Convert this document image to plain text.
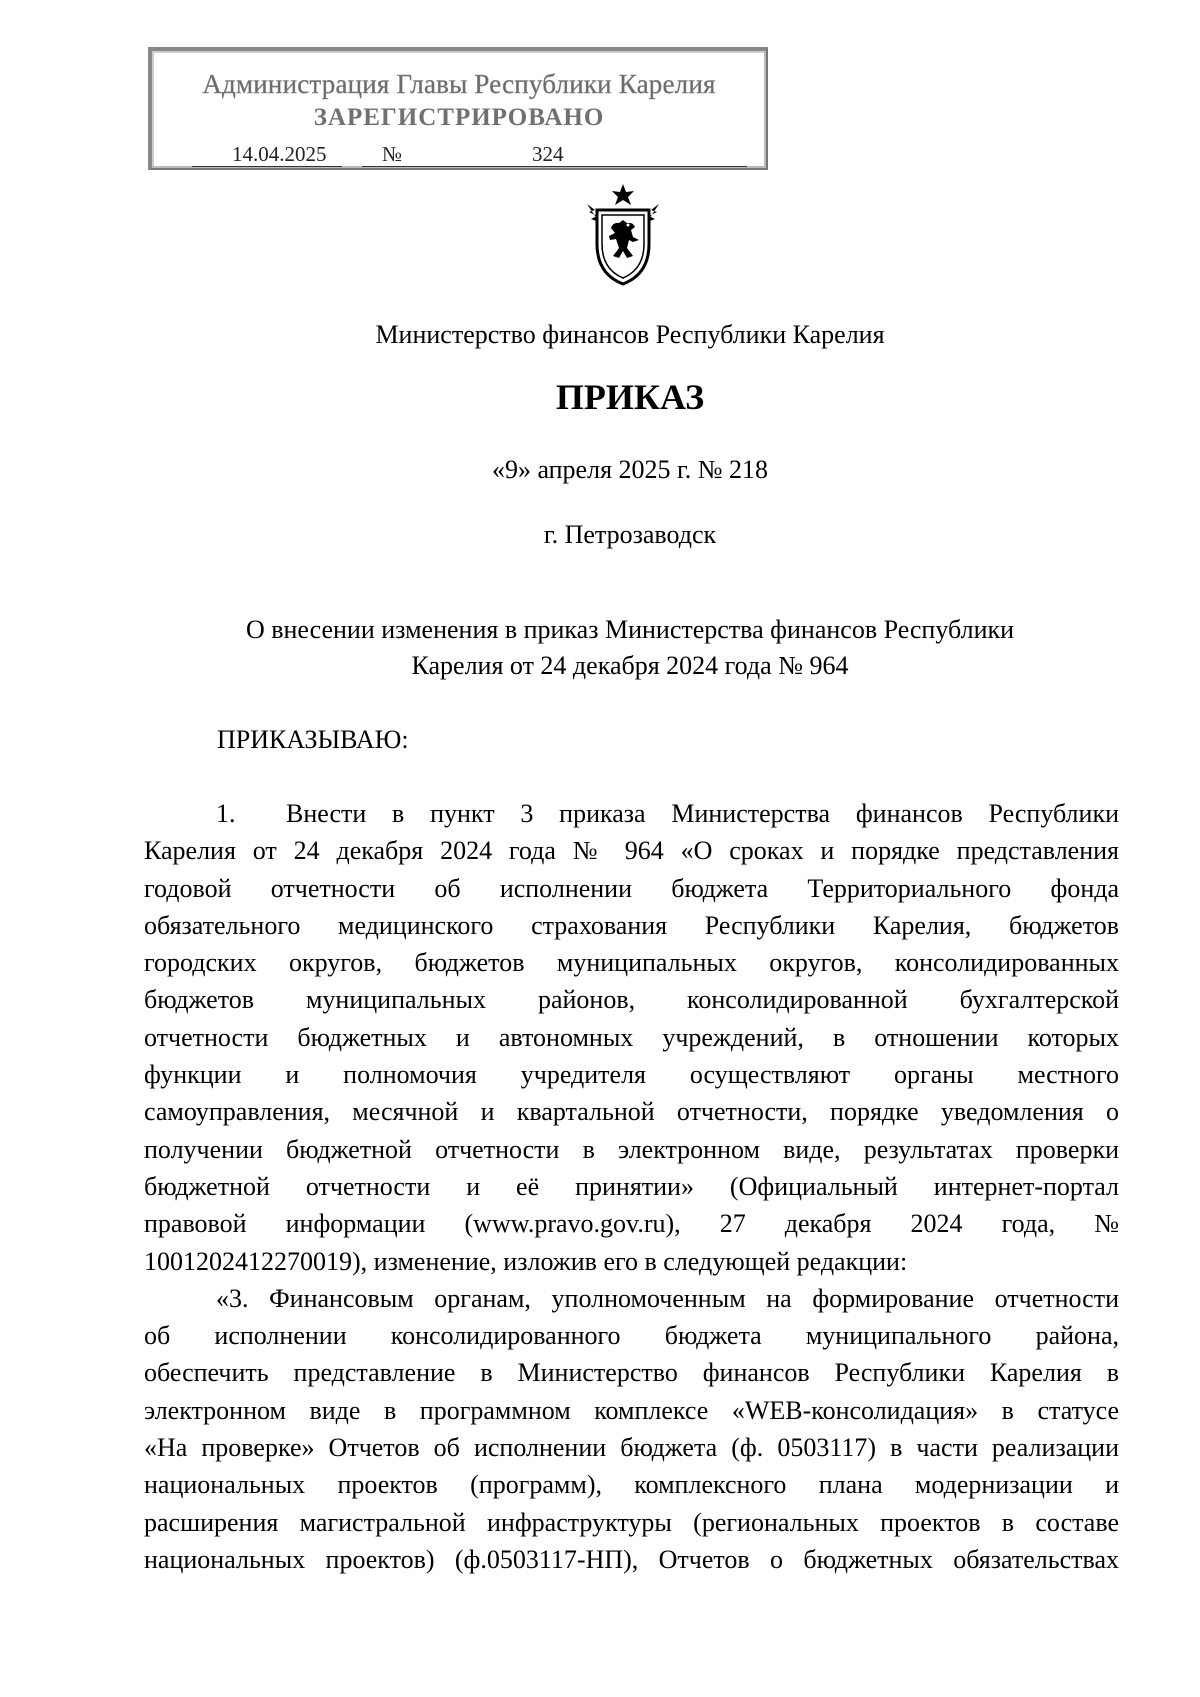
Администрация Главы Республики Карелия
ЗАРЕГИСТРИРОВАНО
14.04.2025	№	324
Министерство финансов Республики Карелия
ПРИКАЗ
«9» апреля 2025 г. № 218
г. Петрозаводск
О внесении изменения в приказ Министерства финансов Республики
Карелия от 24 декабря 2024 года № 964
ПРИКАЗЫВАЮ:
1. Внести в пункт 3 приказа Министерства финансов Республики
Карелия от 24 декабря 2024 года № 964 «О сроках и порядке представления
годовой отчетности об исполнении бюджета Территориального фонда
обязательного медицинского страхования Республики Карелия, бюджетов
городских округов, бюджетов муниципальных округов, консолидированных
бюджетов муниципальных районов, консолидированной бухгалтерской
отчетности бюджетных и автономных учреждений, в отношении которых
функции и полномочия учредителя осуществляют органы местного
самоуправления, месячной и квартальной отчетности, порядке уведомления о
получении бюджетной отчетности в электронном виде, результатах проверки
бюджетной отчетности и её принятии» (Официальный интернет-портал
правовой информации (www.pravo.gov.ru), 27 декабря 2024 года, №
1001202412270019), изменение, изложив его в следующей редакции:
«3. Финансовым органам, уполномоченным на формирование отчетности
об исполнении консолидированного бюджета муниципального района,
обеспечить представление в Министерство финансов Республики Карелия в
электронном виде в программном комплексе «WEB-консолидация» в статусе
«На проверке» Отчетов об исполнении бюджета (ф. 0503117) в части реализации
национальных проектов (программ), комплексного плана модернизации и
расширения магистральной инфраструктуры (региональных проектов в составе
национальных проектов) (ф.0503117-НП), Отчетов о бюджетных обязательствах
